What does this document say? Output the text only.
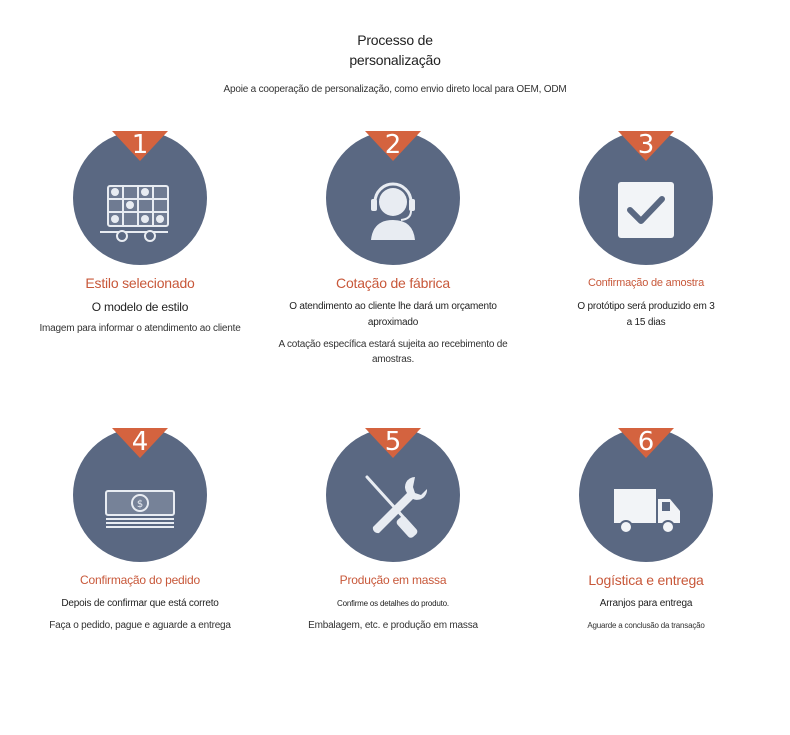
Processo de personalização
Apoie a cooperação de personalização, como envio direto local para OEM, ODM
1
Estilo selecionado
O modelo de estilo
Imagem para informar o atendimento ao cliente
2
Cotação de fábrica
O atendimento ao cliente lhe dará um orçamento aproximado
A cotação específica estará sujeita ao recebimento de amostras.
3
Confirmação de amostra
O protótipo será produzido em 3 a 15 dias
$
4
Confirmação do pedido
Depois de confirmar que está correto
Faça o pedido, pague e aguarde a entrega
5
Produção em massa
Confirme os detalhes do produto.
Embalagem, etc. e produção em massa
6
Logística e entrega
Arranjos para entrega
Aguarde a conclusão da transação
